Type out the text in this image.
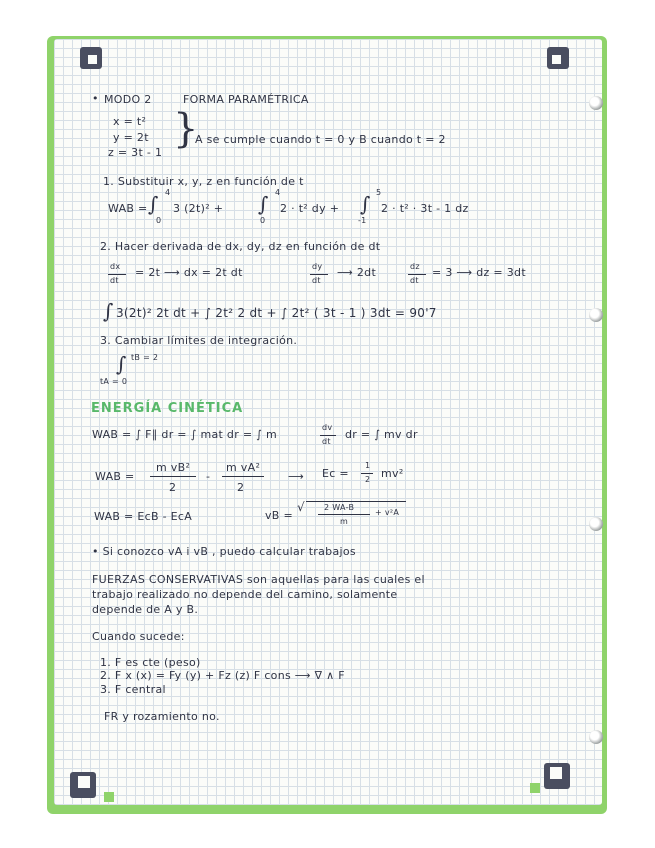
• MODO 2	FORMA PARAMÉTRICA
x = t²
y = 2t
z = 3t - 1
}
A se cumple cuando t = 0 y B cuando t = 2
1. Substituir x, y, z en función de t
WAB = ∫ 4
0
3 (2t)² + ∫ 4
0
2 · t² dy + ∫ 5
-1
2 · t² · 3t - 1 dz
2. Hacer derivada de dx, dy, dz en función de dt
dx
dt
= 2t ⟶ dx = 2t dt	dy
dt
⟶ 2dt	dz
dt
= 3 ⟶ dz = 3dt
∫ 3(2t)² 2t dt + ∫ 2t² 2 dt + ∫ 2t² ( 3t - 1 ) 3dt = 90'7
3. Cambiar límites de integración.
∫ tB = 2
tA = 0
ENERGÍA CINÉTICA
WAB = ∫ F∥ dr = ∫ mat dr = ∫ m
dv
dt
dr = ∫ mv dr
WAB =
m vB²
2
-
m vA²
2
⟶ Ec =
1
2 mv²
WAB = EcB - EcA	vB =
√ 2 WA-B
m
+ v²A
• Si conozco vA i vB , puedo calcular trabajos
FUERZAS CONSERVATIVAS son aquellas para las cuales el
trabajo realizado no depende del camino, solamente
depende de A y B.
Cuando sucede:
1. F es cte (peso)
2. F x (x) = Fy (y) + Fz (z) F cons ⟶ ∇ ∧ F
3. F central
FR y rozamiento no.
